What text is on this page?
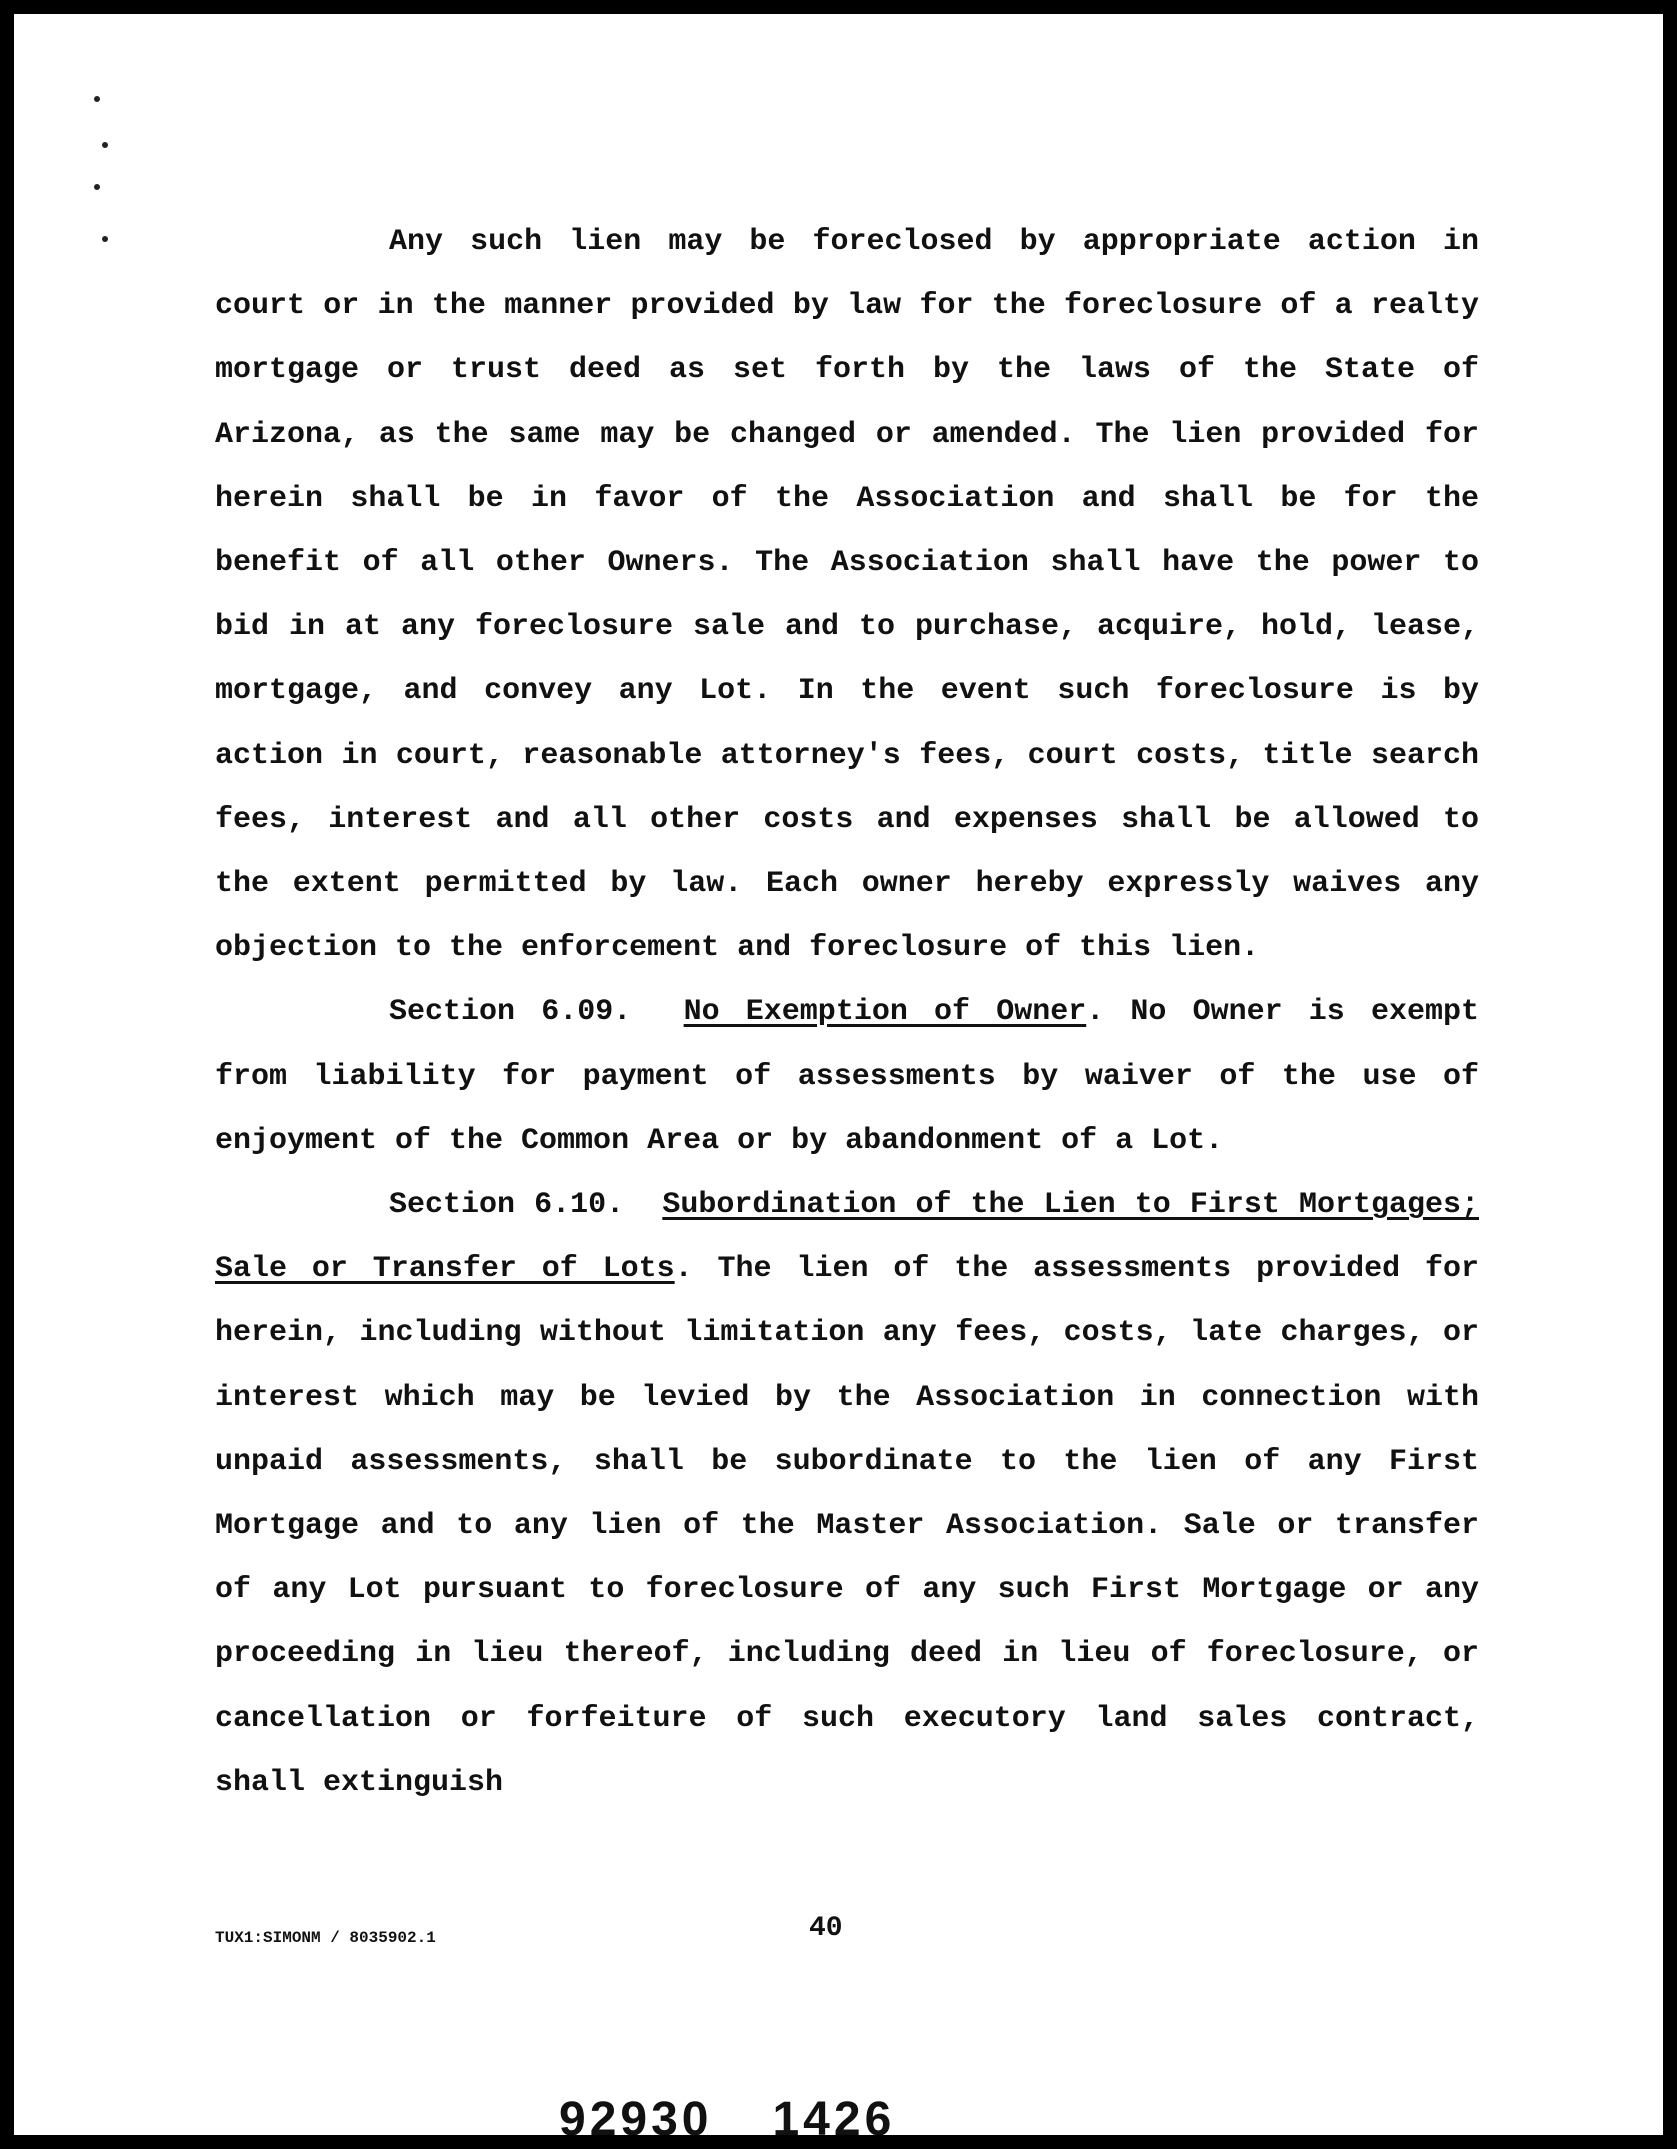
Any such lien may be foreclosed by appropriate action in court or in the manner provided by law for the foreclosure of a realty mortgage or trust deed as set forth by the laws of the State of Arizona, as the same may be changed or amended. The lien provided for herein shall be in favor of the Association and shall be for the benefit of all other Owners. The Association shall have the power to bid in at any foreclosure sale and to purchase, acquire, hold, lease, mortgage, and convey any Lot. In the event such foreclosure is by action in court, reasonable attorney's fees, court costs, title search fees, interest and all other costs and expenses shall be allowed to the extent permitted by law. Each owner hereby expressly waives any objection to the enforcement and foreclosure of this lien.

Section 6.09. No Exemption of Owner. No Owner is exempt from liability for payment of assessments by waiver of the use of enjoyment of the Common Area or by abandonment of a Lot.

Section 6.10. Subordination of the Lien to First Mortgages; Sale or Transfer of Lots. The lien of the assessments provided for herein, including without limitation any fees, costs, late charges, or interest which may be levied by the Association in connection with unpaid assessments, shall be subordinate to the lien of any First Mortgage and to any lien of the Master Association. Sale or transfer of any Lot pursuant to foreclosure of any such First Mortgage or any proceeding in lieu thereof, including deed in lieu of foreclosure, or cancellation or forfeiture of such executory land sales contract, shall extinguish

TUX1:SIMONM / 8035902.1	40
92930 1426
